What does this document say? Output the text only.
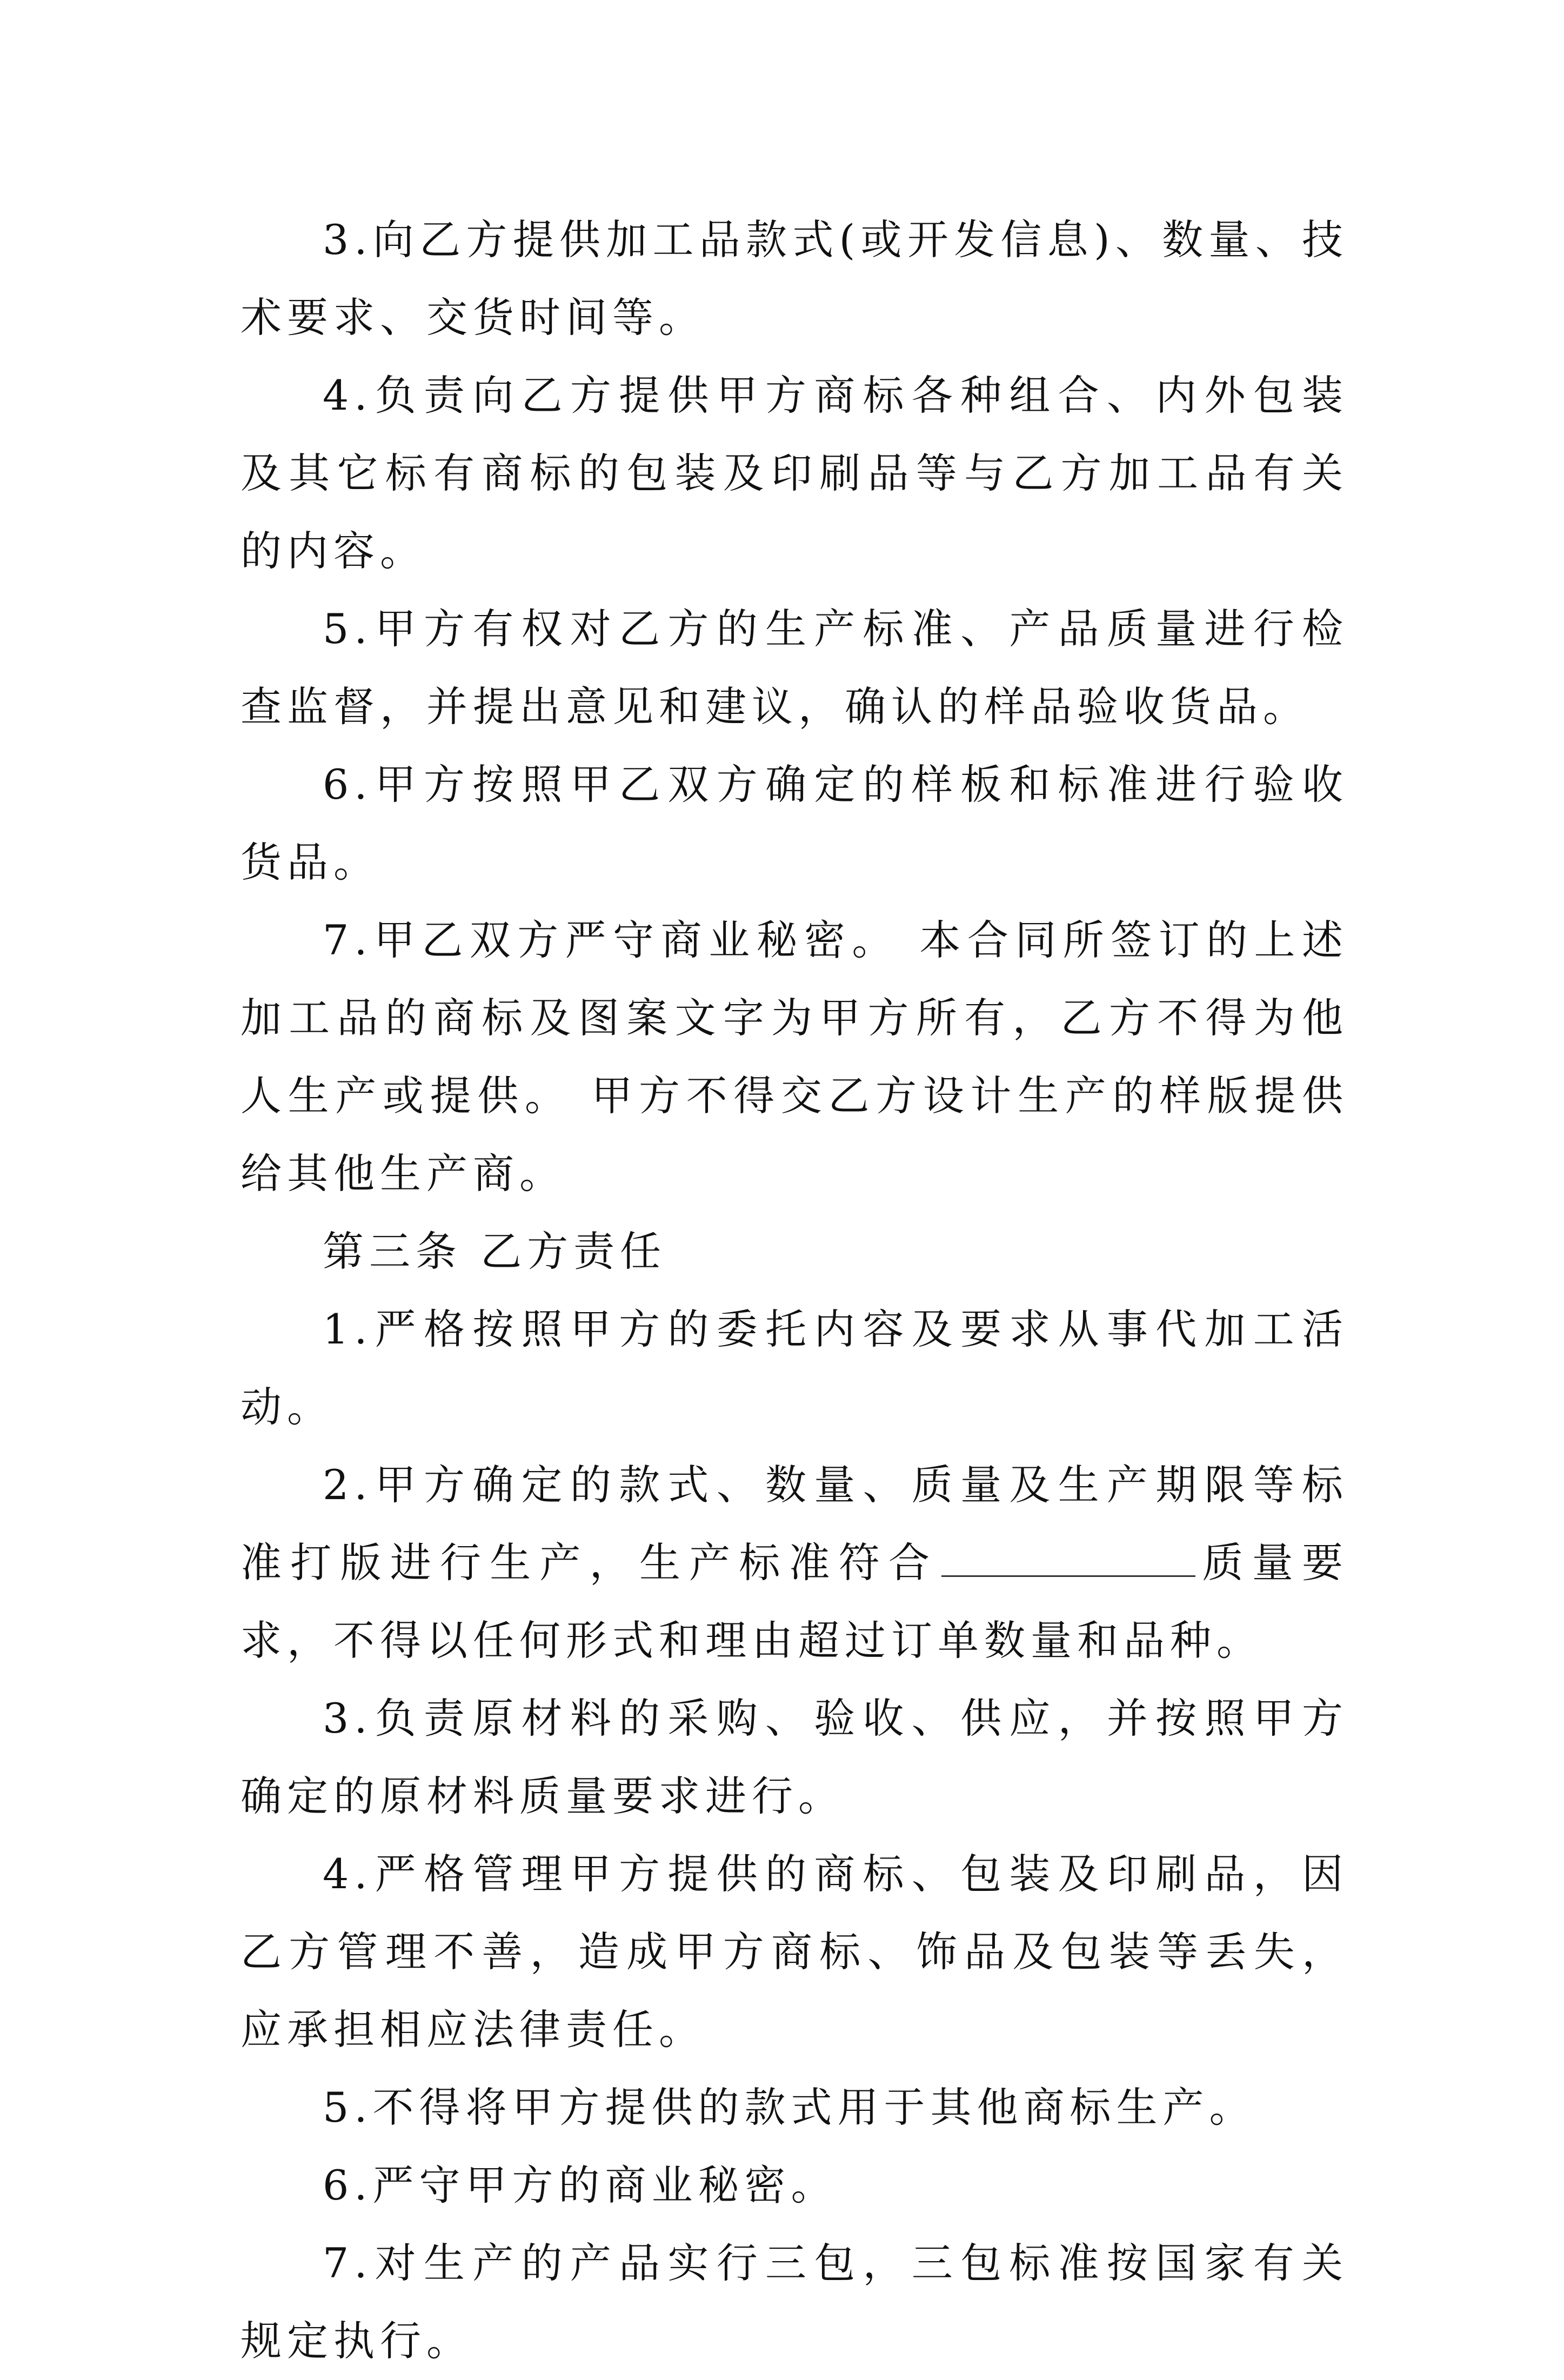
3.向乙方提供加工品款式(或开发信息)、数量、技术要求、交货时间等。

4.负责向乙方提供甲方商标各种组合、内外包装及其它标有商标的包装及印刷品等与乙方加工品有关的内容。

5.甲方有权对乙方的生产标准、产品质量进行检查监督，并提出意见和建议，确认的样品验收货品。

6.甲方按照甲乙双方确定的样板和标准进行验收货品。

7.甲乙双方严守商业秘密。 本合同所签订的上述加工品的商标及图案文字为甲方所有，乙方不得为他人生产或提供。 甲方不得交乙方设计生产的样版提供给其他生产商。

第三条 乙方责任

1.严格按照甲方的委托内容及要求从事代加工活动。

2.甲方确定的款式、数量、质量及生产期限等标准打版进行生产，生产标准符合	质量要求，不得以任何形式和理由超过订单数量和品种。

3.负责原材料的采购、验收、供应，并按照甲方确定的原材料质量要求进行。

4.严格管理甲方提供的商标、包装及印刷品，因乙方管理不善，造成甲方商标、饰品及包装等丢失，应承担相应法律责任。

5.不得将甲方提供的款式用于其他商标生产。

6.严守甲方的商业秘密。

7.对生产的产品实行三包，三包标准按国家有关规定执行。
